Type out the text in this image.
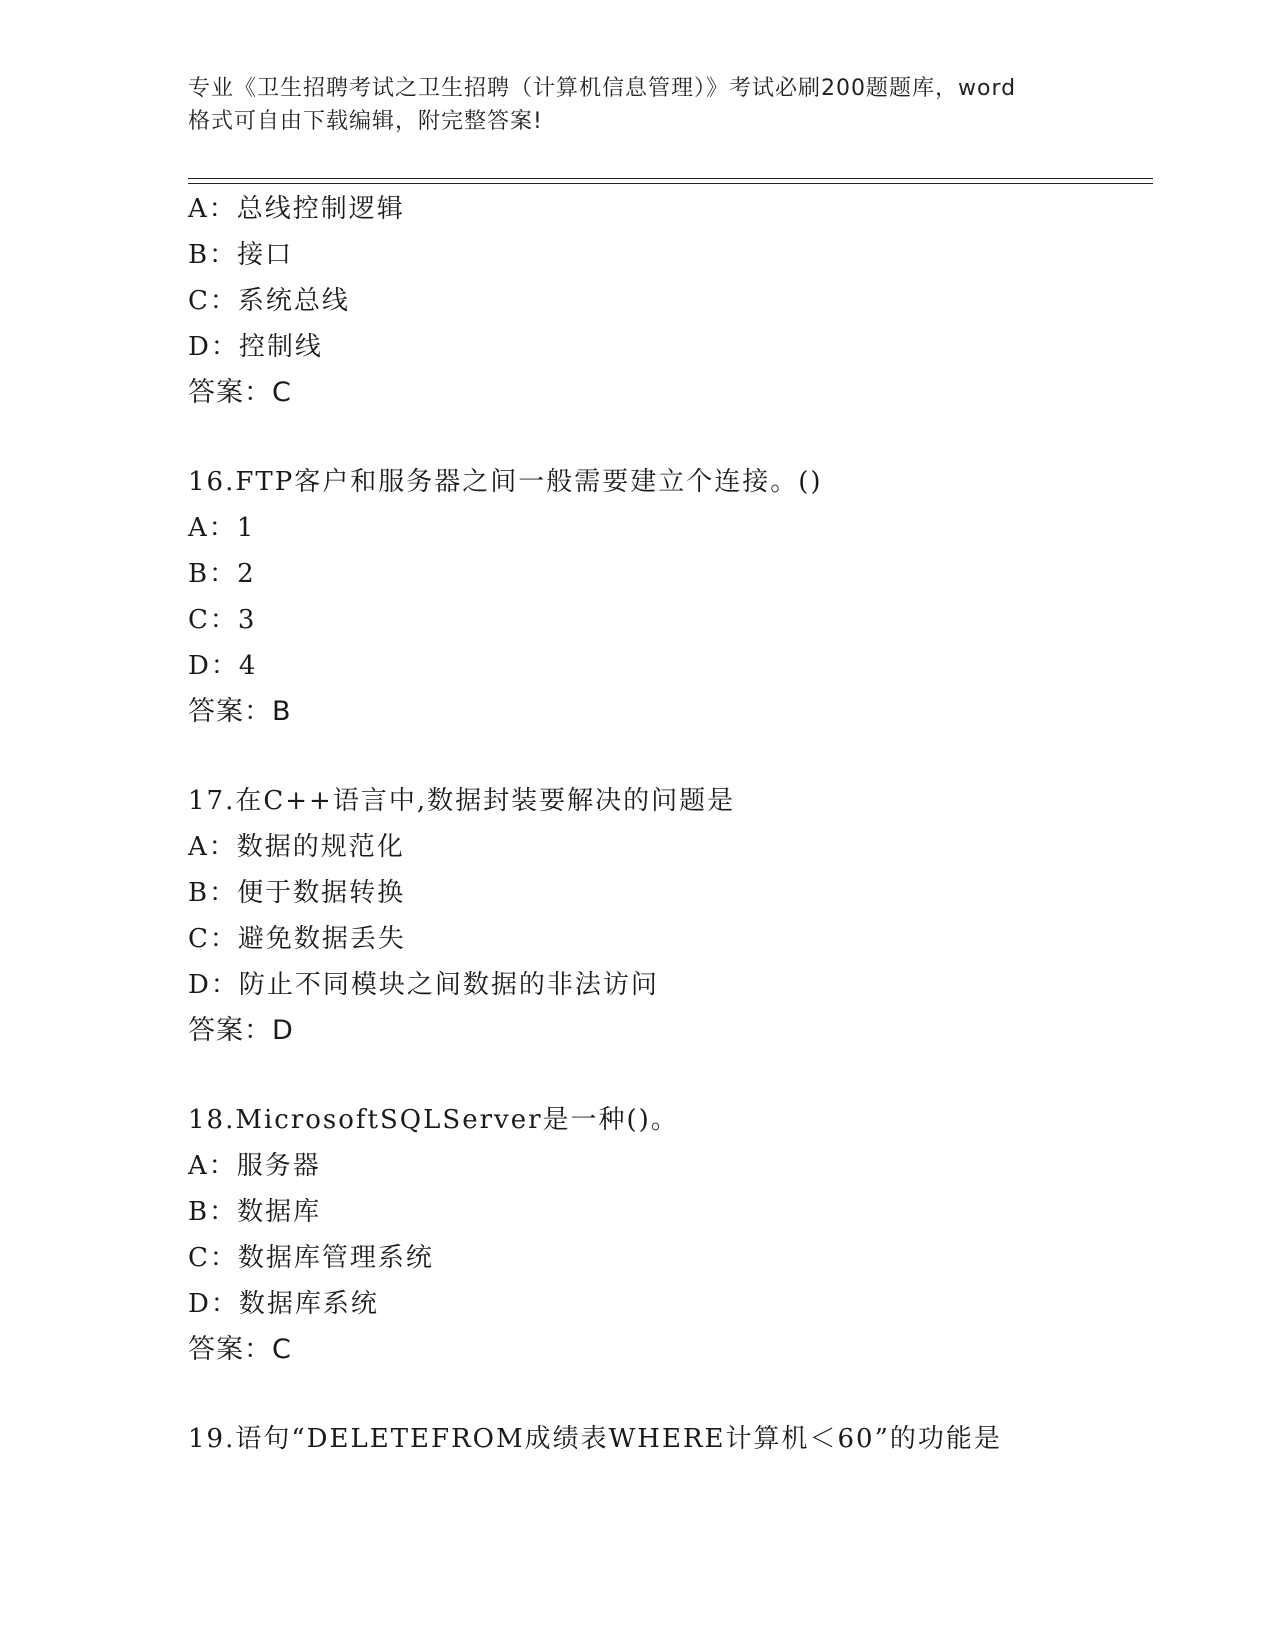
专业《卫生招聘考试之卫生招聘（计算机信息管理）》考试必刷200题题库，word
格式可自由下载编辑，附完整答案!
A：总线控制逻辑
B：接口
C：系统总线
D：控制线
答案：C
16.FTP客户和服务器之间一般需要建立个连接。()
A：1
B：2
C：3
D：4
答案：B
17.在C++语言中,数据封装要解决的问题是
A：数据的规范化
B：便于数据转换
C：避免数据丢失
D：防止不同模块之间数据的非法访问
答案：D
18.MicrosoftSQLServer是一种()。
A：服务器
B：数据库
C：数据库管理系统
D：数据库系统
答案：C
19.语句“DELETEFROM成绩表WHERE计算机＜60”的功能是
